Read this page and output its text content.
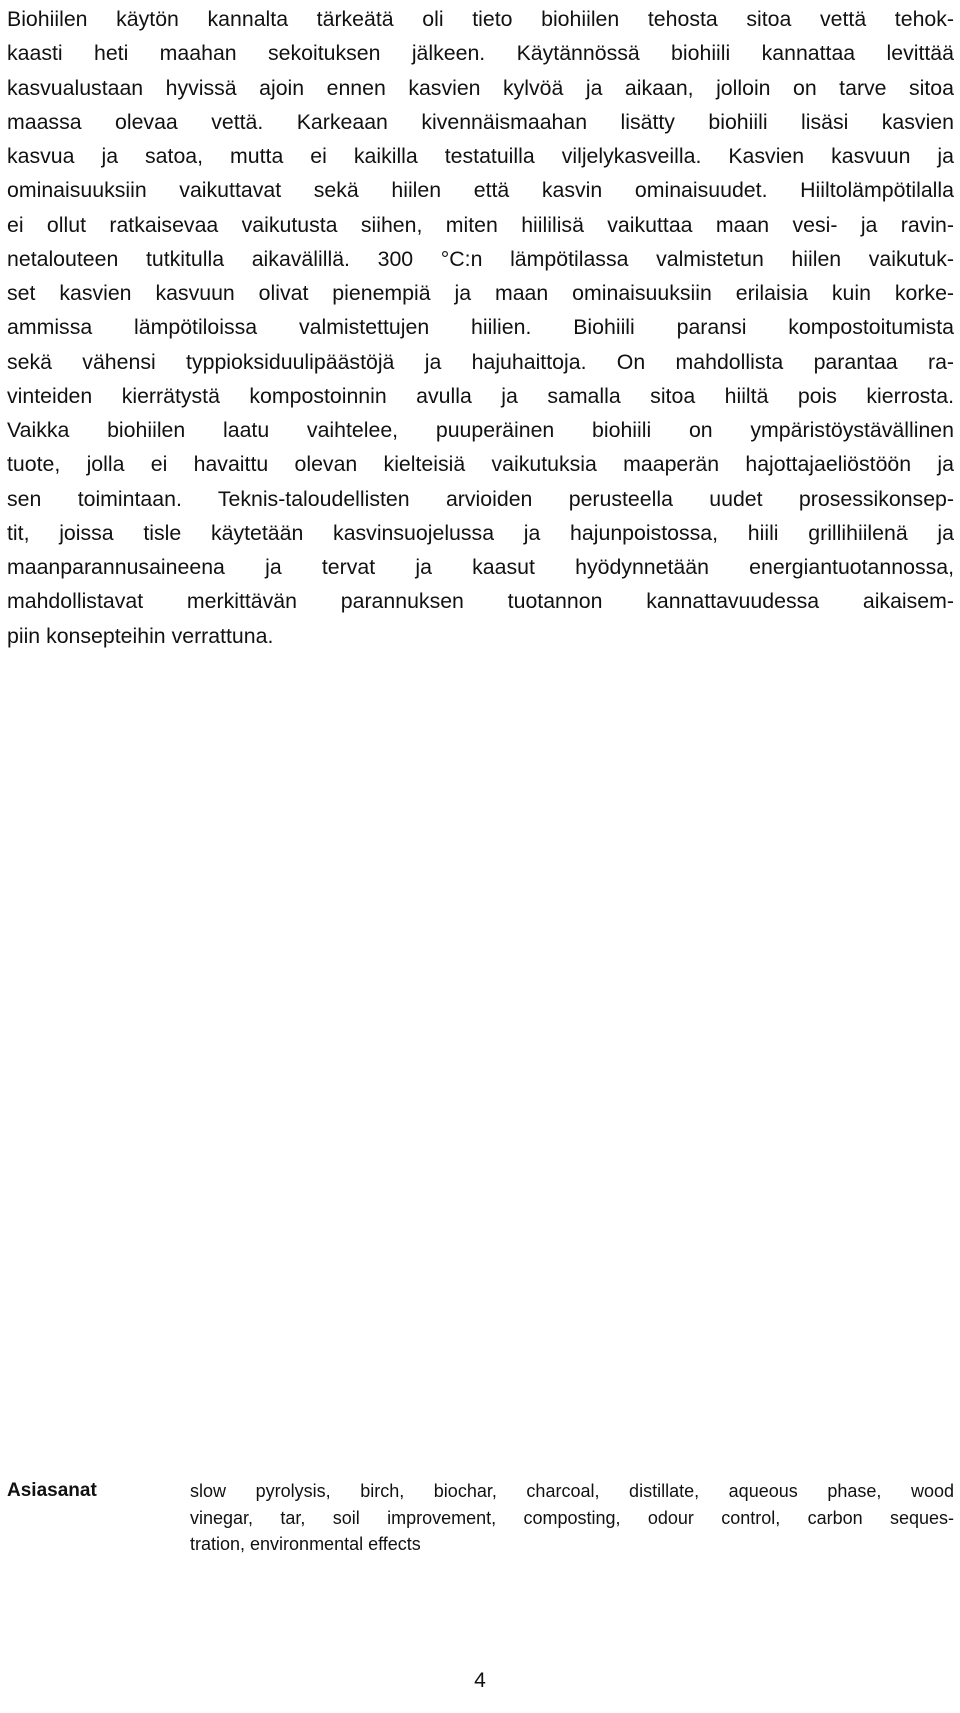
Biohiilen käytön kannalta tärkeätä oli tieto biohiilen tehosta sitoa vettä tehok-
kaasti heti maahan sekoituksen jälkeen. Käytännössä biohiili kannattaa levittää
kasvualustaan hyvissä ajoin ennen kasvien kylvöä ja aikaan, jolloin on tarve sitoa
maassa olevaa vettä. Karkeaan kivennäismaahan lisätty biohiili lisäsi kasvien
kasvua ja satoa, mutta ei kaikilla testatuilla viljelykasveilla. Kasvien kasvuun ja
ominaisuuksiin vaikuttavat sekä hiilen että kasvin ominaisuudet. Hiiltolämpötilalla
ei ollut ratkaisevaa vaikutusta siihen, miten hiililisä vaikuttaa maan vesi- ja ravin-
netalouteen tutkitulla aikavälillä. 300 °C:n lämpötilassa valmistetun hiilen vaikutuk-
set kasvien kasvuun olivat pienempiä ja maan ominaisuuksiin erilaisia kuin korke-
ammissa lämpötiloissa valmistettujen hiilien. Biohiili paransi kompostoitumista
sekä vähensi typpioksiduulipäästöjä ja hajuhaittoja. On mahdollista parantaa ra-
vinteiden kierrätystä kompostoinnin avulla ja samalla sitoa hiiltä pois kierrosta.
Vaikka biohiilen laatu vaihtelee, puuperäinen biohiili on ympäristöystävällinen
tuote, jolla ei havaittu olevan kielteisiä vaikutuksia maaperän hajottajaeliöstöön ja
sen toimintaan. Teknis-taloudellisten arvioiden perusteella uudet prosessikonsep-
tit, joissa tisle käytetään kasvinsuojelussa ja hajunpoistossa, hiili grillihiilenä ja
maanparannusaineena ja tervat ja kaasut hyödynnetään energiantuotannossa,
mahdollistavat merkittävän parannuksen tuotannon kannattavuudessa aikaisem-
piin konsepteihin verrattuna.
Asiasanat	slow pyrolysis, birch, biochar, charcoal, distillate, aqueous phase, wood
vinegar, tar, soil improvement, composting, odour control, carbon seques-
tration, environmental effects
4
